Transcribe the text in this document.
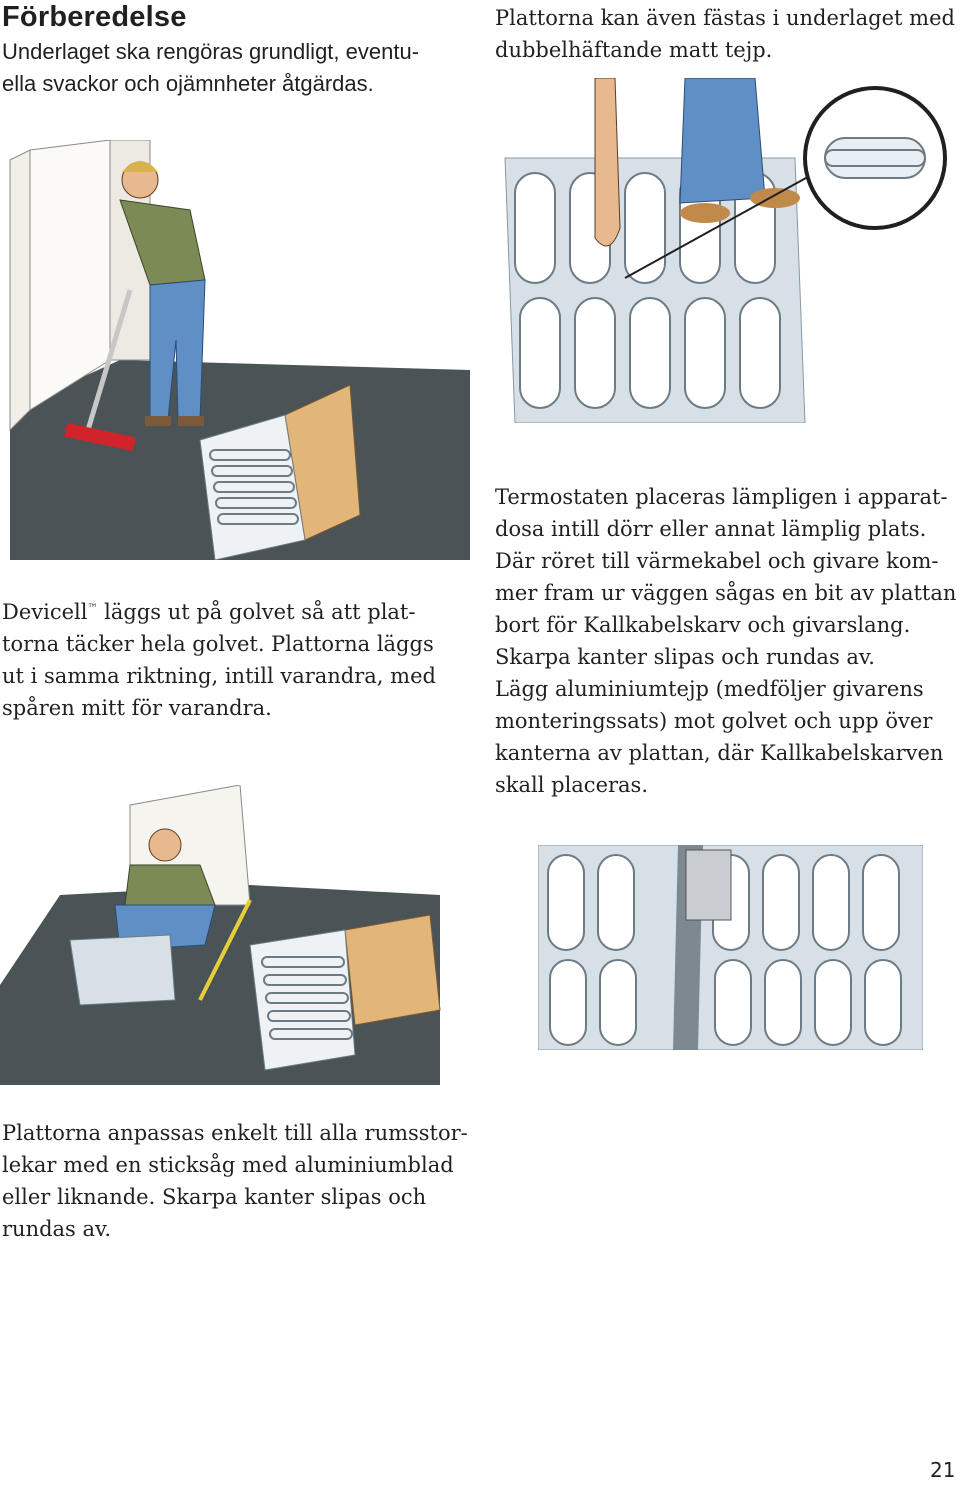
Förberedelse
Underlaget ska rengöras grundligt, eventu-
ella svackor och ojämnheter åtgärdas.
Plattorna kan även fästas i underlaget med
dubbelhäftande matt tejp.
Devicell™ läggs ut på golvet så att plat-
torna täcker hela golvet. Plattorna läggs
ut i samma riktning, intill varandra, med
spåren mitt för varandra.
Termostaten placeras lämpligen i apparat-
dosa intill dörr eller annat lämplig plats.
Där röret till värmekabel och givare kom-
mer fram ur väggen sågas en bit av plattan
bort för Kallkabelskarv och givarslang.
Skarpa kanter slipas och rundas av.
Lägg aluminiumtejp (medföljer givarens
monteringssats) mot golvet och upp över
kanterna av plattan, där Kallkabelskarven
skall placeras.
Plattorna anpassas enkelt till alla rumsstor-
lekar med en sticksåg med aluminiumblad
eller liknande. Skarpa kanter slipas och
rundas av.
21
